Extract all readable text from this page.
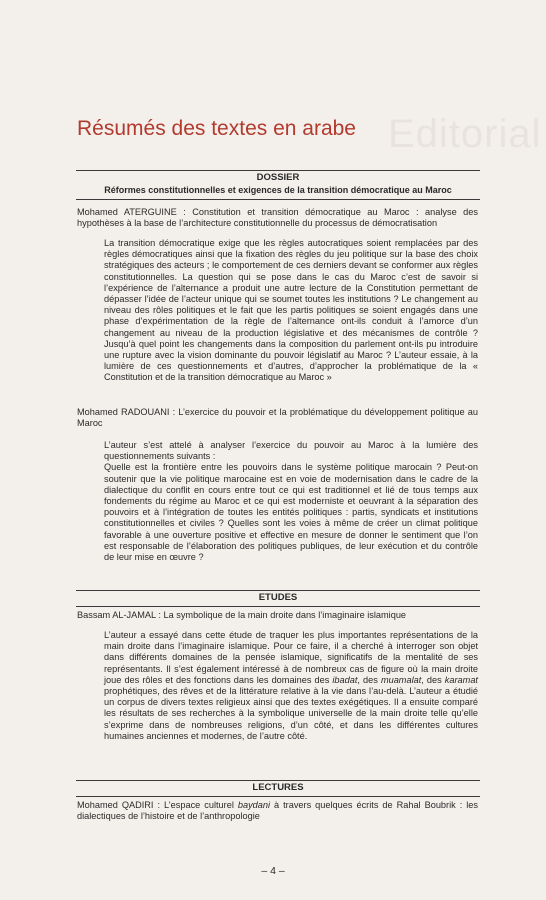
Editorial
Résumés des textes en arabe
DOSSIER
Réformes constitutionnelles et exigences de la transition démocratique au Maroc
Mohamed ATERGUINE : Constitution et transition démocratique au Maroc : analyse des hypothèses à la base de l’architecture constitutionnelle du processus de démocratisation

La transition démocratique exige que les règles autocratiques soient remplacées par des règles démocratiques ainsi que la fixation des règles du jeu politique sur la base des choix stratégiques des acteurs ; le comportement de ces derniers devant se conformer aux règles constitutionnelles. La question qui se pose dans le cas du Maroc c’est de savoir si l’expérience de l’alternance a produit une autre lecture de la Constitution permettant de dépasser l’idée de l’acteur unique qui se soumet toutes les institutions ? Le changement au niveau des rôles politiques et le fait que les partis politiques se soient engagés dans une phase d’expérimentation de la règle de l’alternance ont-ils conduit à l’amorce d’un changement au niveau de la production législative et des mécanismes de contrôle ? Jusqu’à quel point les changements dans la composition du parlement ont-ils pu introduire une rupture avec la vision dominante du pouvoir législatif au Maroc ? L’auteur essaie, à la lumière de ces questionnements et d’autres, d’approcher la problématique de la « Constitution et de la transition démocratique au Maroc »

Mohamed RADOUANI : L’exercice du pouvoir et la problématique du développement politique au Maroc

L’auteur s’est attelé à analyser l’exercice du pouvoir au Maroc à la lumière des questionnements suivants :

Quelle est la frontière entre les pouvoirs dans le système politique marocain ? Peut-on soutenir que la vie politique marocaine est en voie de modernisation dans le cadre de la dialectique du conflit en cours entre tout ce qui est traditionnel et lié de tous temps aux fondements du régime au Maroc et ce qui est moderniste et oeuvrant à la séparation des pouvoirs et à l’intégration de toutes les entités politiques : partis, syndicats et institutions constitutionnelles et civiles ? Quelles sont les voies à même de créer un climat politique favorable à une ouverture positive et effective en mesure de donner le sentiment que l’on est responsable de l’élaboration des politiques publiques, de leur exécution et du contrôle de leur mise en œuvre ?

ETUDES
Bassam AL-JAMAL : La symbolique de la main droite dans l’imaginaire islamique

L’auteur a essayé dans cette étude de traquer les plus importantes représentations de la main droite dans l’imaginaire islamique. Pour ce faire, il a cherché à interroger son objet dans différents domaines de la pensée islamique, significatifs de la mentalité de ses représentants. Il s’est également intéressé à de nombreux cas de figure où la main droite joue des rôles et des fonctions dans les domaines des ibadat, des muamalat, des karamat prophétiques, des rêves et de la littérature relative à la vie dans l’au-delà. L’auteur a étudié un corpus de divers textes religieux ainsi que des textes exégétiques. Il a ensuite comparé les résultats de ses recherches à la symbolique universelle de la main droite telle qu’elle s’exprime dans de nombreuses religions, d’un côté, et dans les différentes cultures humaines anciennes et modernes, de l’autre côté.

LECTURES
Mohamed QADIRI : L’espace culturel baydani à travers quelques écrits de Rahal Boubrik : les dialectiques de l’histoire et de l’anthropologie
– 4 –
